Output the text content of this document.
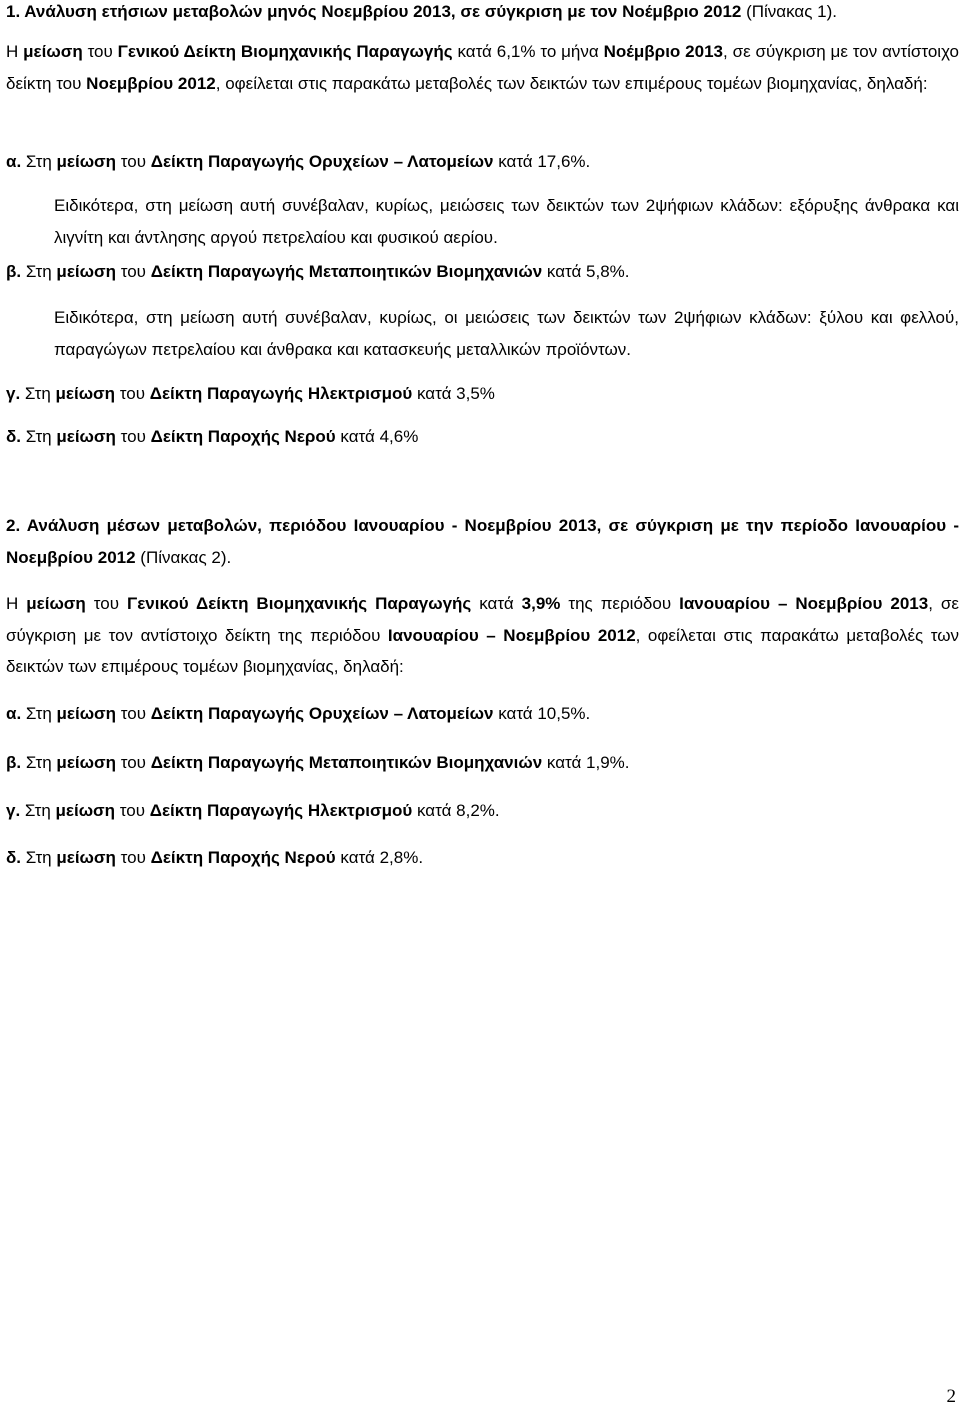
1. Ανάλυση ετήσιων μεταβολών μηνός Νοεμβρίου 2013, σε σύγκριση με τον Νοέμβριο 2012 (Πίνακας 1).
Η μείωση του Γενικού Δείκτη Βιομηχανικής Παραγωγής κατά 6,1% το μήνα Νοέμβριο 2013, σε σύγκριση με τον αντίστοιχο δείκτη του Νοεμβρίου 2012, οφείλεται στις παρακάτω μεταβολές των δεικτών των επιμέρους τομέων βιομηχανίας, δηλαδή:
α. Στη μείωση του Δείκτη Παραγωγής Ορυχείων – Λατομείων κατά 17,6%.
Ειδικότερα, στη μείωση αυτή συνέβαλαν, κυρίως, μειώσεις των δεικτών των 2ψήφιων κλάδων: εξόρυξης άνθρακα και λιγνίτη και άντλησης αργού πετρελαίου και φυσικού αερίου.
β. Στη μείωση του Δείκτη Παραγωγής Μεταποιητικών Βιομηχανιών κατά 5,8%.
Ειδικότερα, στη μείωση αυτή συνέβαλαν, κυρίως, οι μειώσεις των δεικτών των 2ψήφιων κλάδων: ξύλου και φελλού, παραγώγων πετρελαίου και άνθρακα και κατασκευής μεταλλικών προϊόντων.
γ. Στη μείωση του Δείκτη Παραγωγής Ηλεκτρισμού κατά 3,5%
δ. Στη μείωση του Δείκτη Παροχής Νερού κατά 4,6%
2. Ανάλυση μέσων μεταβολών, περιόδου Ιανουαρίου - Νοεμβρίου 2013, σε σύγκριση με την περίοδο Ιανουαρίου - Νοεμβρίου 2012 (Πίνακας 2).
Η μείωση του Γενικού Δείκτη Βιομηχανικής Παραγωγής κατά 3,9% της περιόδου Ιανουαρίου – Νοεμβρίου 2013, σε σύγκριση με τον αντίστοιχο δείκτη της περιόδου Ιανουαρίου – Νοεμβρίου 2012, οφείλεται στις παρακάτω μεταβολές των δεικτών των επιμέρους τομέων βιομηχανίας, δηλαδή:
α. Στη μείωση του Δείκτη Παραγωγής Ορυχείων – Λατομείων κατά 10,5%.
β. Στη μείωση του Δείκτη Παραγωγής Μεταποιητικών Βιομηχανιών κατά 1,9%.
γ. Στη μείωση του Δείκτη Παραγωγής Ηλεκτρισμού κατά 8,2%.
δ. Στη μείωση του Δείκτη Παροχής Νερού κατά 2,8%.
2
